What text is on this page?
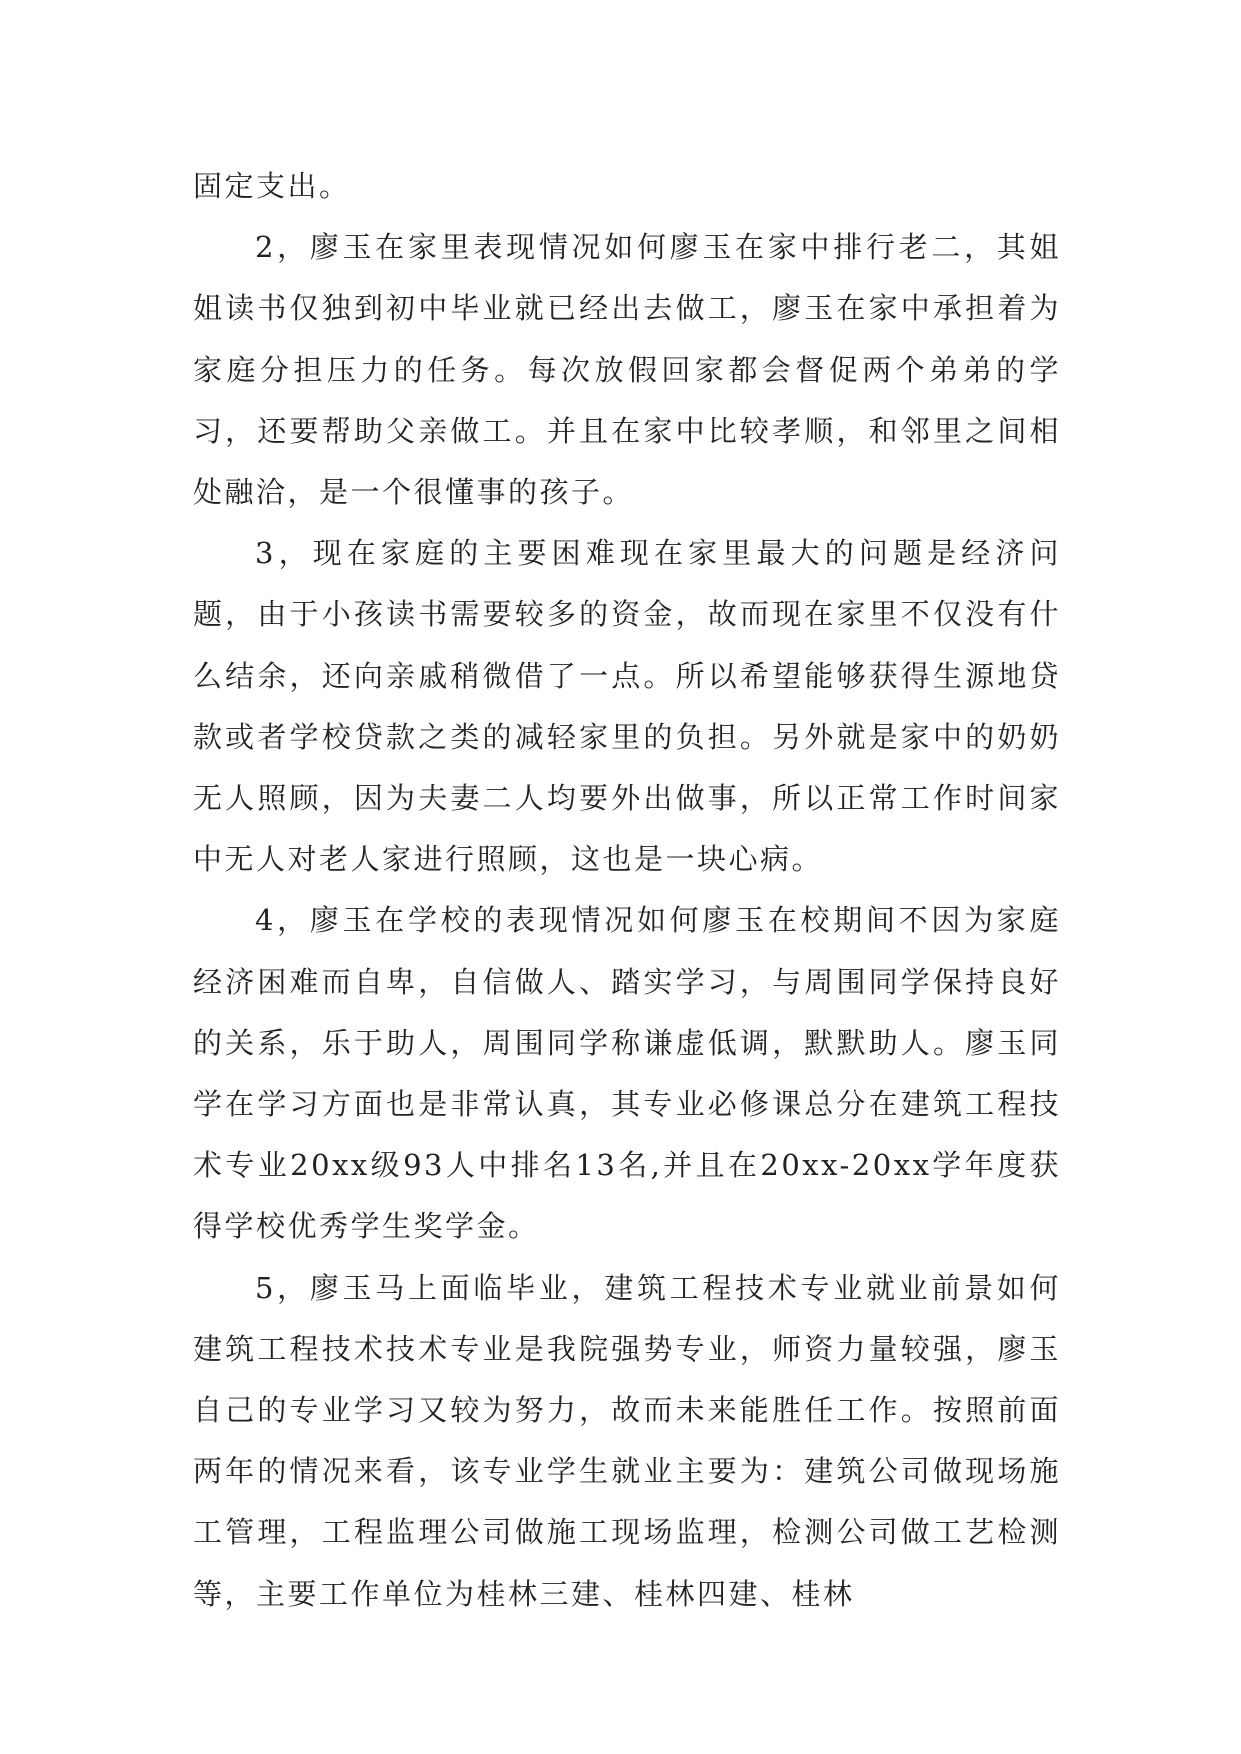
固定支出。

2，廖玉在家里表现情况如何廖玉在家中排行老二，其姐姐读书仅独到初中毕业就已经出去做工，廖玉在家中承担着为家庭分担压力的任务。每次放假回家都会督促两个弟弟的学习，还要帮助父亲做工。并且在家中比较孝顺，和邻里之间相处融洽，是一个很懂事的孩子。

3，现在家庭的主要困难现在家里最大的问题是经济问题，由于小孩读书需要较多的资金，故而现在家里不仅没有什么结余，还向亲戚稍微借了一点。所以希望能够获得生源地贷款或者学校贷款之类的减轻家里的负担。另外就是家中的奶奶无人照顾，因为夫妻二人均要外出做事，所以正常工作时间家中无人对老人家进行照顾，这也是一块心病。

4，廖玉在学校的表现情况如何廖玉在校期间不因为家庭经济困难而自卑，自信做人、踏实学习，与周围同学保持良好的关系，乐于助人，周围同学称谦虚低调，默默助人。廖玉同学在学习方面也是非常认真，其专业必修课总分在建筑工程技术专业20xx级93人中排名13名,并且在20xx-20xx学年度获得学校优秀学生奖学金。

5，廖玉马上面临毕业，建筑工程技术专业就业前景如何建筑工程技术技术专业是我院强势专业，师资力量较强，廖玉自己的专业学习又较为努力，故而未来能胜任工作。按照前面两年的情况来看，该专业学生就业主要为：建筑公司做现场施工管理，工程监理公司做施工现场监理，检测公司做工艺检测等，主要工作单位为桂林三建、桂林四建、桂林
